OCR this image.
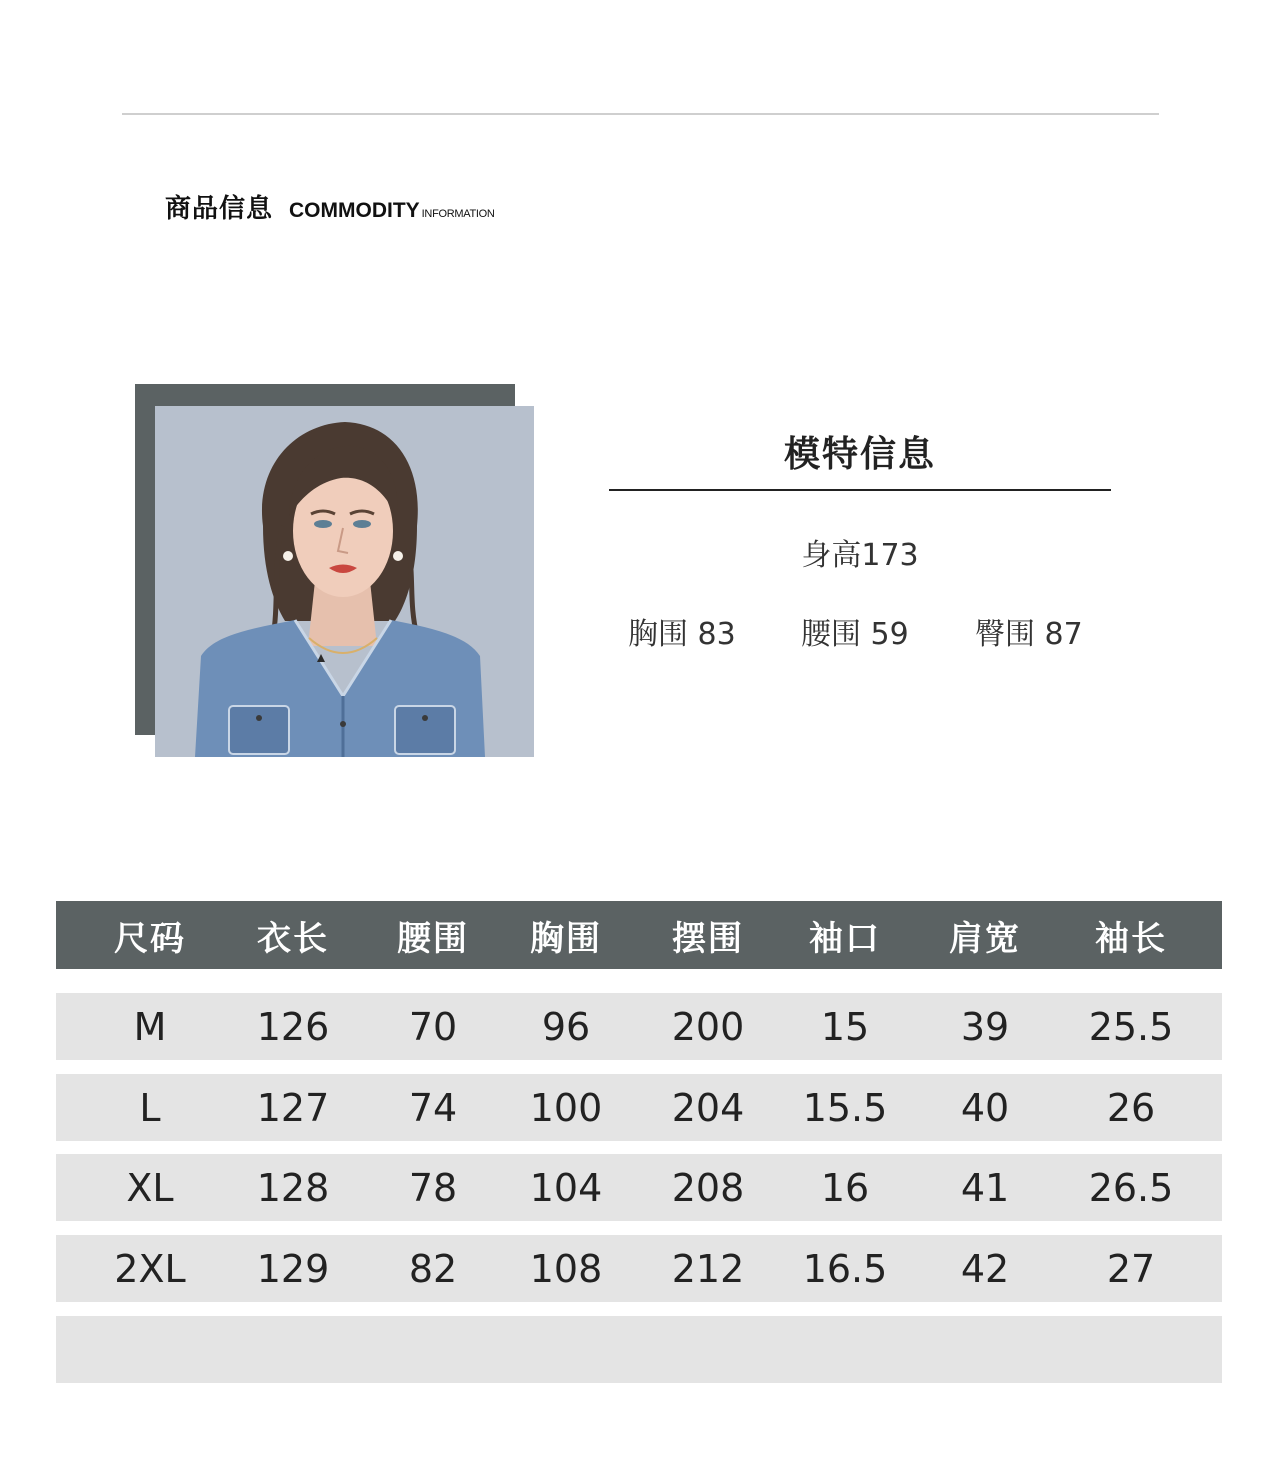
商品信息 COMMODITY INFORMATION
模特信息
身高173
胸围 83 腰围 59 臀围 87
尺码	衣长	腰围	胸围	摆围	袖口	肩宽	袖长
M	126	70	96	200	15	39	25.5
L	127	74	100	204	15.5	40	26
XL	128	78	104	208	16	41	26.5
2XL	129	82	108	212	16.5	42	27
